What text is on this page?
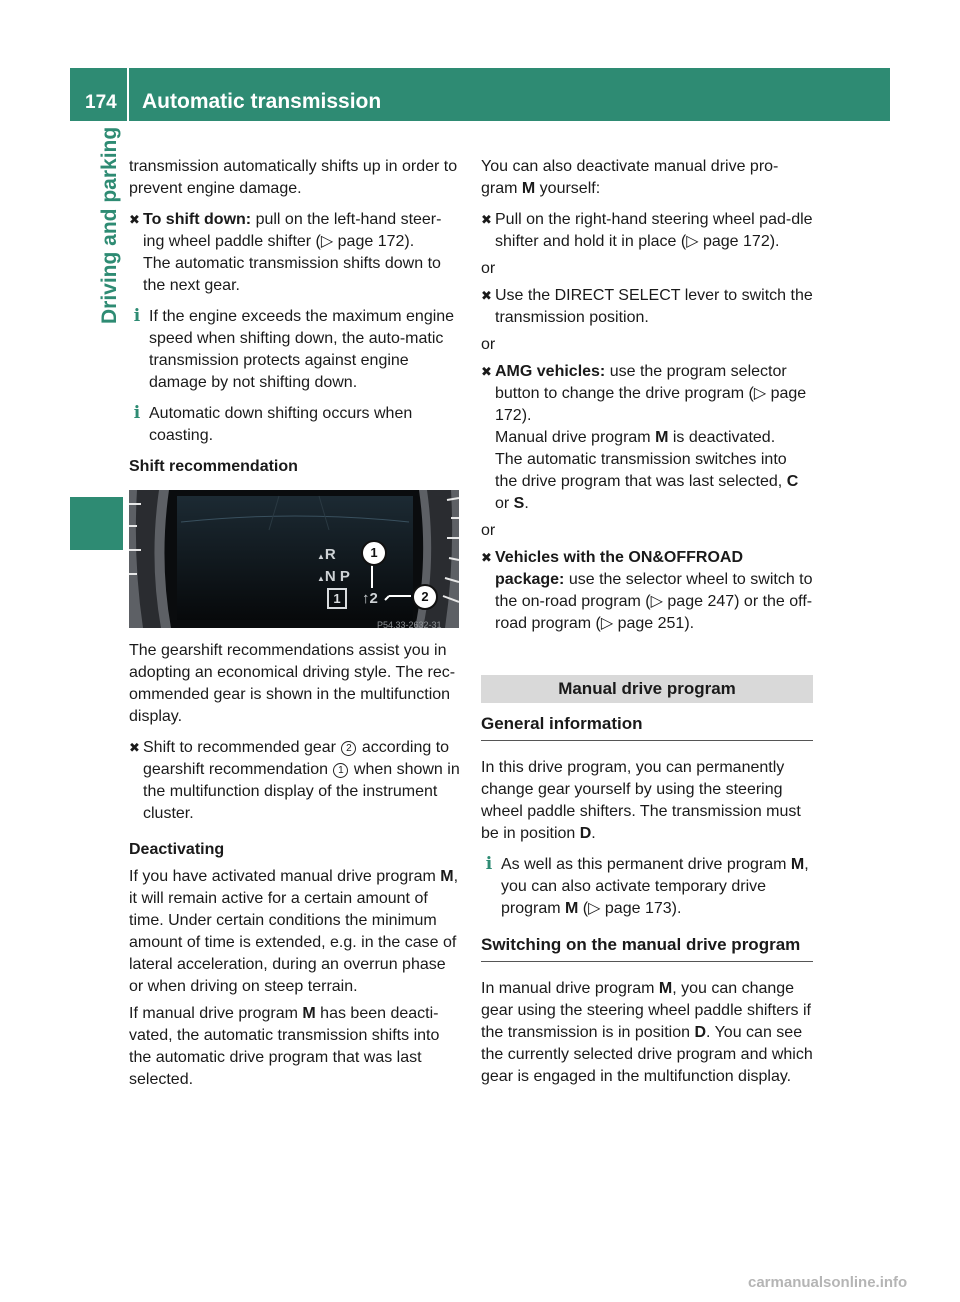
174 Automatic transmission
Driving and parking transmission automatically shifts up in order to prevent engine damage.

✖ To shift down: pull on the left-hand steer-ing wheel paddle shifter (▷ page 172).

The automatic transmission shifts down to the next gear.

i If the engine exceeds the maximum engine speed when shifting down, the auto-matic transmission protects against engine damage by not shifting down.

i Automatic down shifting occurs when coasting.

Shift recommendation

▲R
▲N P
1	↑2
1
2
P54.33-2632-31

The gearshift recommendations assist you in adopting an economical driving style. The rec-ommended gear is shown in the multifunction display.

✖ Shift to recommended gear 2 according to gearshift recommendation 1 when shown in the multifunction display of the instrument cluster.

Deactivating

If you have activated manual drive program M, it will remain active for a certain amount of time. Under certain conditions the minimum amount of time is extended, e.g. in the case of lateral acceleration, during an overrun phase or when driving on steep terrain.

If manual drive program M has been deacti-vated, the automatic transmission shifts into the automatic drive program that was last selected.

You can also deactivate manual drive pro-gram M yourself:

✖ Pull on the right-hand steering wheel pad-dle shifter and hold it in place (▷ page 172).

or

✖ Use the DIRECT SELECT lever to switch the transmission position.

or

✖ AMG vehicles: use the program selector button to change the drive program (▷ page 172).

Manual drive program M is deactivated.

The automatic transmission switches into the drive program that was last selected, C or S.

or

✖ Vehicles with the ON&OFFROAD package: use the selector wheel to switch to the on-road program (▷ page 247) or the off-road program (▷ page 251).

Manual drive program

General information

In this drive program, you can permanently change gear yourself by using the steering wheel paddle shifters. The transmission must be in position D.

i As well as this permanent drive program M, you can also activate temporary drive program M (▷ page 173).

Switching on the manual drive program

In manual drive program M, you can change gear using the steering wheel paddle shifters if the transmission is in position D. You can see the currently selected drive program and which gear is engaged in the multifunction display.

carmanualsonline.info
